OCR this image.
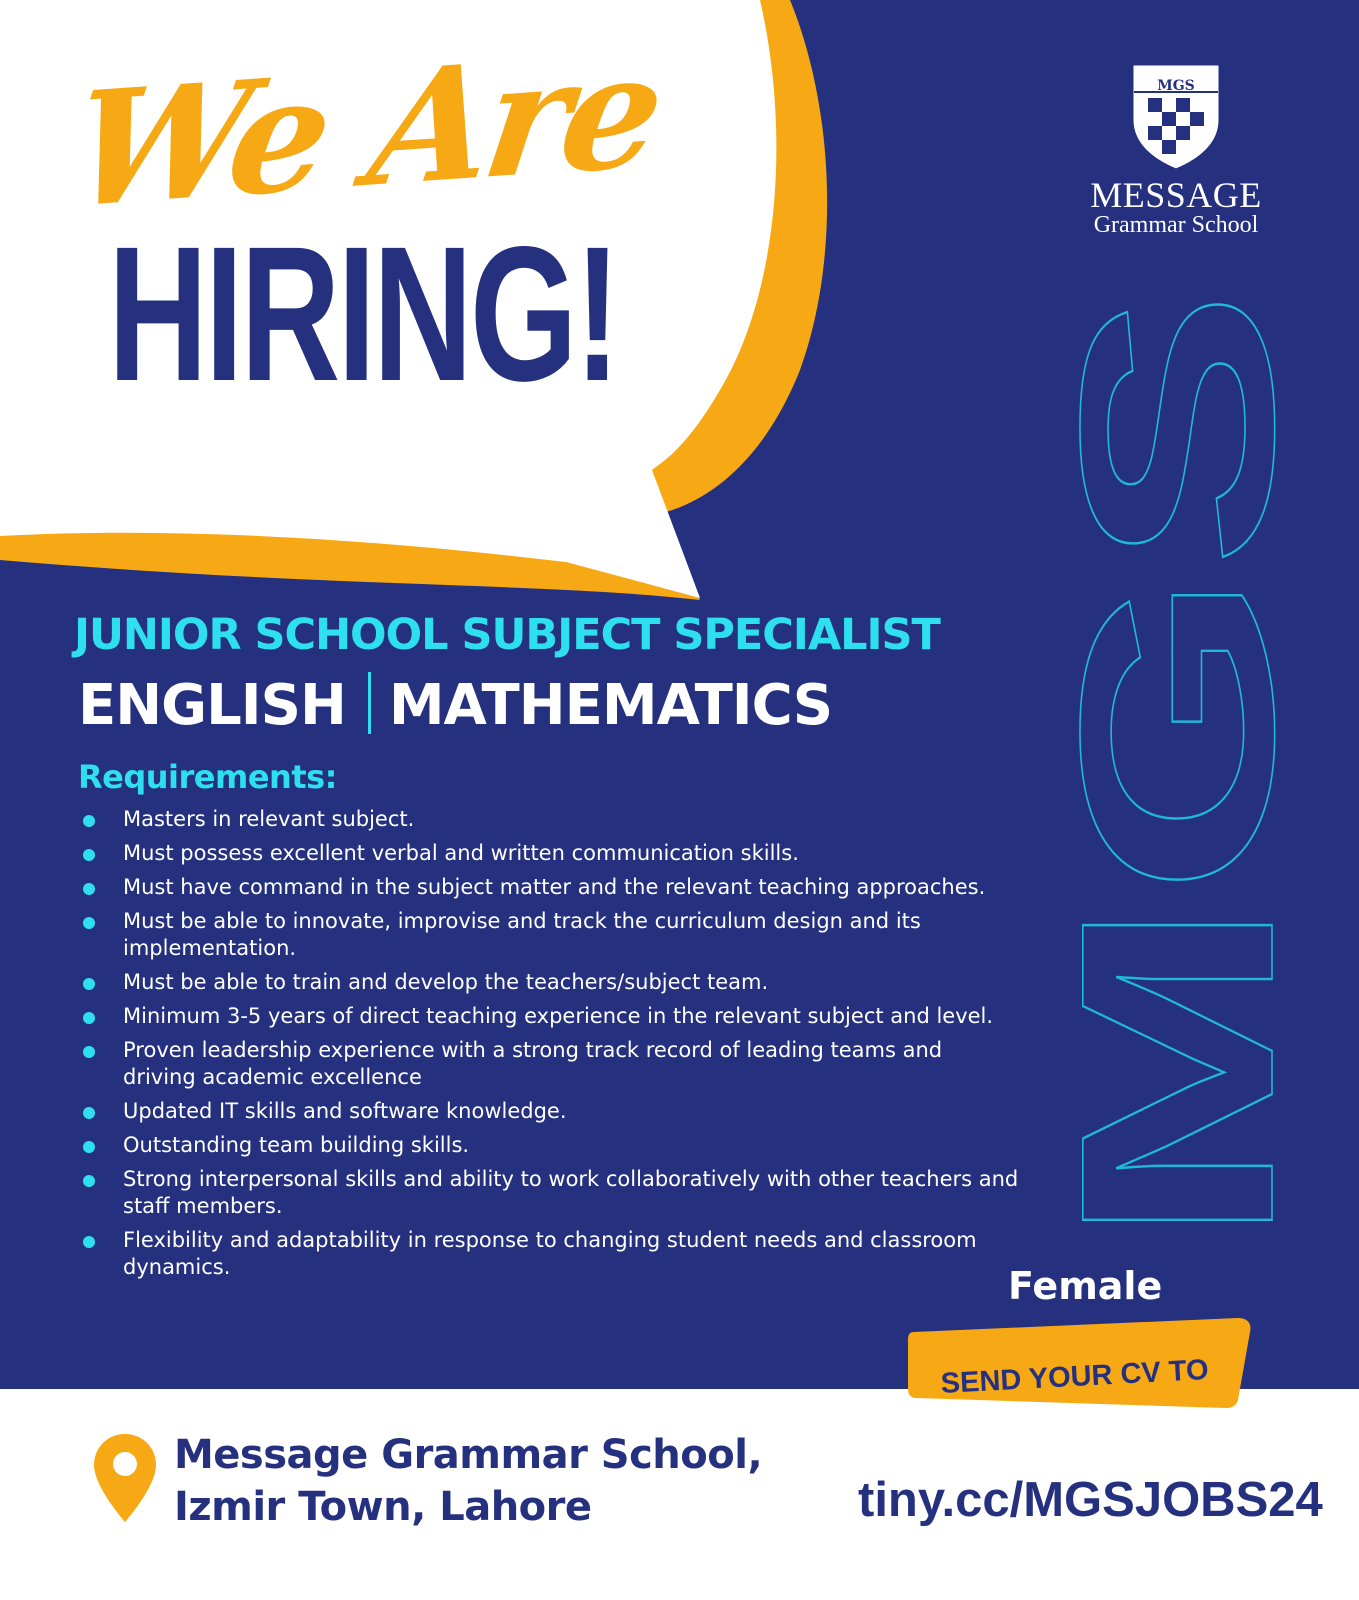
HIRING!
We Are	MGS
MESSAGE
Grammar School
MGS
JUNIOR SCHOOL SUBJECT SPECIALIST
ENGLISH MATHEMATICS
Requirements:
Masters in relevant subject.
Must possess excellent verbal and written communication skills.
Must have command in the subject matter and the relevant teaching approaches.
Must be able to innovate, improvise and track the curriculum design and its implementation.
Must be able to train and develop the teachers/subject team.
Minimum 3-5 years of direct teaching experience in the relevant subject and level.
Proven leadership experience with a strong track record of leading teams and driving academic excellence
Updated IT skills and software knowledge.
Outstanding team building skills.
Strong interpersonal skills and ability to work collaboratively with other teachers and staff members.
Flexibility and adaptability in response to changing student needs and classroom dynamics.	Female
SEND YOUR CV TO
Message Grammar School,
Izmir Town, Lahore	tiny.cc/MGSJOBS24
